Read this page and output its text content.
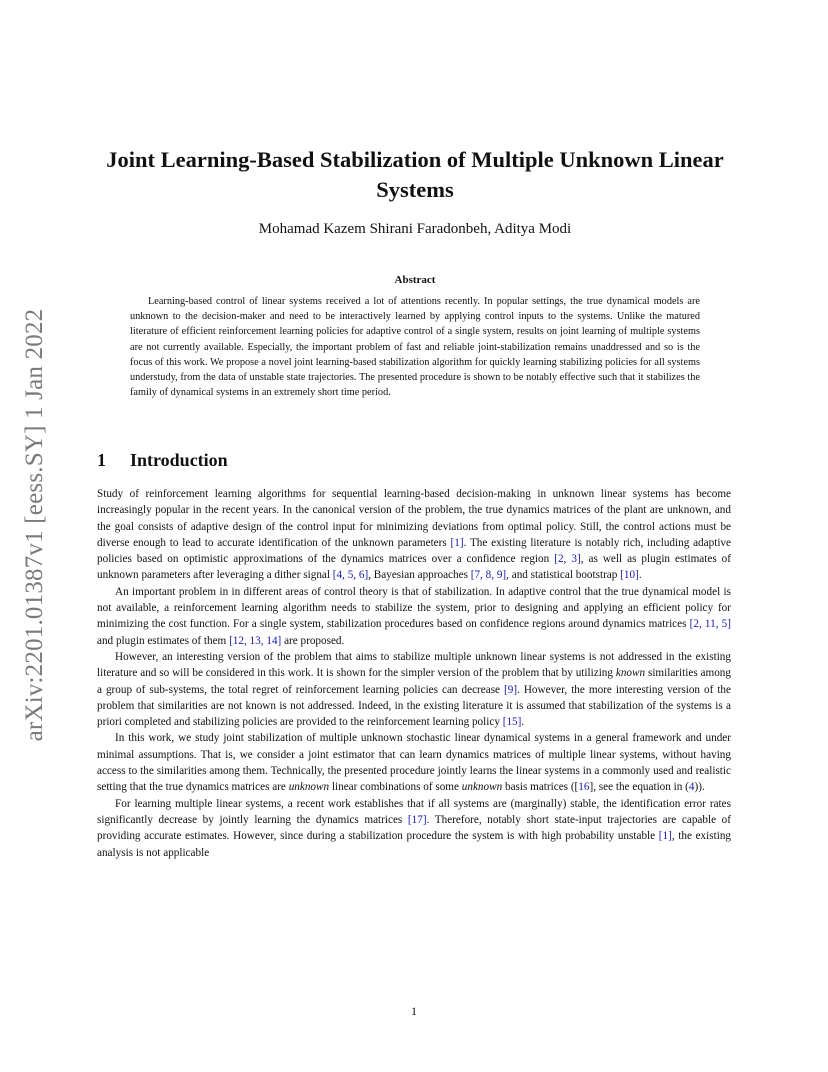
arXiv:2201.01387v1 [eess.SY] 1 Jan 2022
Joint Learning-Based Stabilization of Multiple Unknown Linear Systems
Mohamad Kazem Shirani Faradonbeh, Aditya Modi
Abstract

Learning-based control of linear systems received a lot of attentions recently. In popular settings, the true dynamical models are unknown to the decision-maker and need to be interactively learned by applying control inputs to the systems. Unlike the matured literature of efficient reinforcement learning policies for adaptive control of a single system, results on joint learning of multiple systems are not currently available. Especially, the important problem of fast and reliable joint-stabilization remains unaddressed and so is the focus of this work. We propose a novel joint learning-based stabilization algorithm for quickly learning stabilizing policies for all systems understudy, from the data of unstable state trajectories. The presented procedure is shown to be notably effective such that it stabilizes the family of dynamical systems in an extremely short time period.

1 Introduction

Study of reinforcement learning algorithms for sequential learning-based decision-making in unknown linear systems has become increasingly popular in the recent years. In the canonical version of the problem, the true dynamics matrices of the plant are unknown, and the goal consists of adaptive design of the control input for minimizing deviations from optimal policy. Still, the control actions must be diverse enough to lead to accurate identification of the unknown parameters [1]. The existing literature is notably rich, including adaptive policies based on optimistic approximations of the dynamics matrices over a confidence region [2, 3], as well as plugin estimates of unknown parameters after leveraging a dither signal [4, 5, 6], Bayesian approaches [7, 8, 9], and statistical bootstrap [10].

An important problem in in different areas of control theory is that of stabilization. In adaptive control that the true dynamical model is not available, a reinforcement learning algorithm needs to stabilize the system, prior to designing and applying an efficient policy for minimizing the cost function. For a single system, stabilization procedures based on confidence regions around dynamics matrices [2, 11, 5] and plugin estimates of them [12, 13, 14] are proposed.

However, an interesting version of the problem that aims to stabilize multiple unknown linear systems is not addressed in the existing literature and so will be considered in this work. It is shown for the simpler version of the problem that by utilizing known similarities among a group of sub-systems, the total regret of reinforcement learning policies can decrease [9]. However, the more interesting version of the problem that similarities are not known is not addressed. Indeed, in the existing literature it is assumed that stabilization of the systems is a priori completed and stabilizing policies are provided to the reinforcement learning policy [15].

In this work, we study joint stabilization of multiple unknown stochastic linear dynamical systems in a general framework and under minimal assumptions. That is, we consider a joint estimator that can learn dynamics matrices of multiple linear systems, without having access to the similarities among them. Technically, the presented procedure jointly learns the linear systems in a commonly used and realistic setting that the true dynamics matrices are unknown linear combinations of some unknown basis matrices ([16], see the equation in (4)).

For learning multiple linear systems, a recent work establishes that if all systems are (marginally) stable, the identification error rates significantly decrease by jointly learning the dynamics matrices [17]. Therefore, notably short state-input trajectories are capable of providing accurate estimates. However, since during a stabilization procedure the system is with high probability unstable [1], the existing analysis is not applicable

1
